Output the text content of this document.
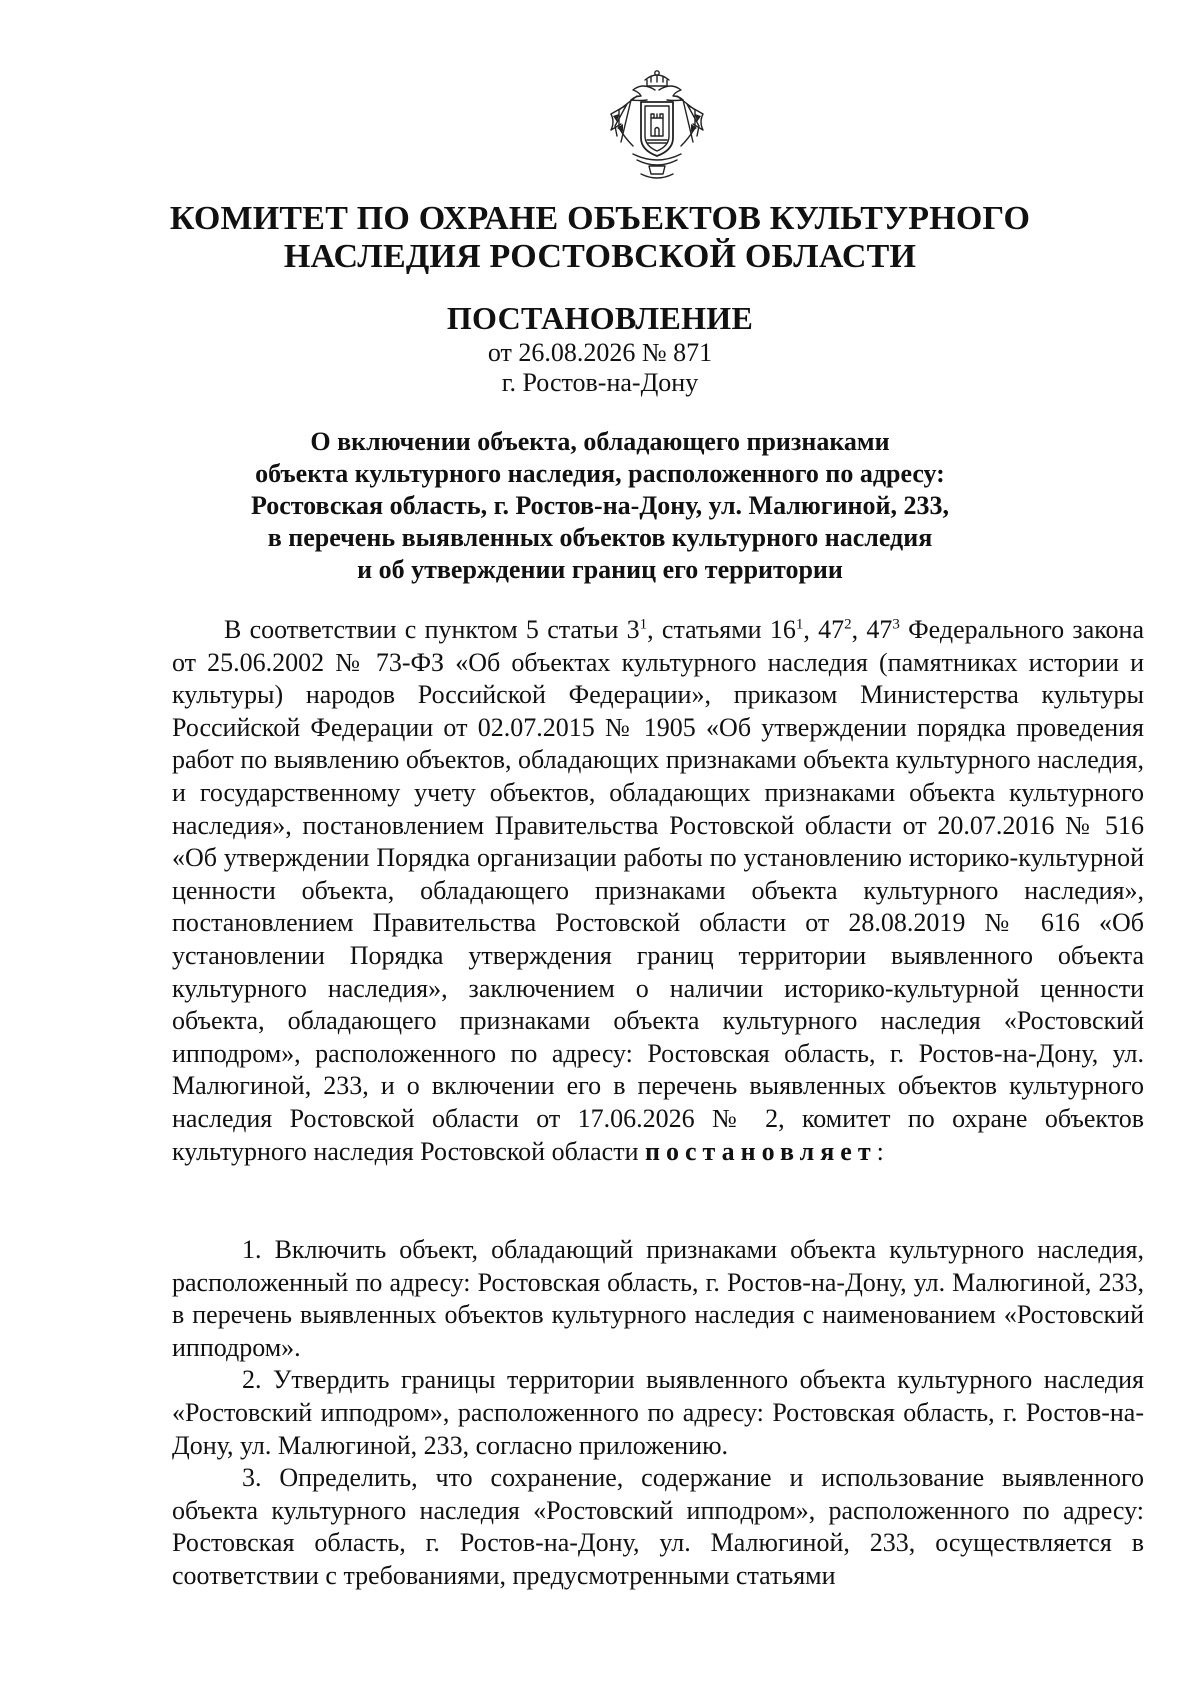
КОМИТЕТ ПО ОХРАНЕ ОБЪЕКТОВ КУЛЬТУРНОГО
НАСЛЕДИЯ РОСТОВСКОЙ ОБЛАСТИ
ПОСТАНОВЛЕНИЕ
от 26.08.2026 № 871
г. Ростов-на-Дону
О включении объекта, обладающего признаками
объекта культурного наследия, расположенного по адресу:
Ростовская область, г. Ростов-на-Дону, ул. Малюгиной, 233,
в перечень выявленных объектов культурного наследия
и об утверждении границ его территории
В соответствии с пунктом 5 статьи $3^1$, статьями $16^1$, $47^2$, $47^3$ Федерального закона от 25.06.2002 № 73-ФЗ «Об объектах культурного наследия (памятниках истории и культуры) народов Российской Федерации», приказом Министерства культуры Российской Федерации от 02.07.2015 № 1905 «Об утверждении порядка проведения работ по выявлению объектов, обладающих признаками объекта культурного наследия, и государственному учету объектов, обладающих признаками объекта культурного наследия», постановлением Правительства Ростовской области от 20.07.2016 № 516 «Об утверждении Порядка организации работы по установлению историко-культурной ценности объекта, обладающего признаками объекта культурного наследия», постановлением Правительства Ростовской области от 28.08.2019 № 616 «Об установлении Порядка утверждения границ территории выявленного объекта культурного наследия», заключением о наличии историко-культурной ценности объекта, обладающего признаками объекта культурного наследия «Ростовский ипподром», расположенного по адресу: Ростовская область, г. Ростов-на-Дону, ул. Малюгиной, 233, и о включении его в перечень выявленных объектов культурного наследия Ростовской области от 17.06.2026 № 2, комитет по охране объектов культурного наследия Ростовской области постановляет:

1. Включить объект, обладающий признаками объекта культурного наследия, расположенный по адресу: Ростовская область, г. Ростов-на-Дону, ул. Малюгиной, 233, в перечень выявленных объектов культурного наследия с наименованием «Ростовский ипподром».

2. Утвердить границы территории выявленного объекта культурного наследия «Ростовский ипподром», расположенного по адресу: Ростовская область, г. Ростов-на-Дону, ул. Малюгиной, 233, согласно приложению.

3. Определить, что сохранение, содержание и использование выявленного объекта культурного наследия «Ростовский ипподром», расположенного по адресу: Ростовская область, г. Ростов-на-Дону, ул. Малюгиной, 233, осуществляется в соответствии с требованиями, предусмотренными статьями
